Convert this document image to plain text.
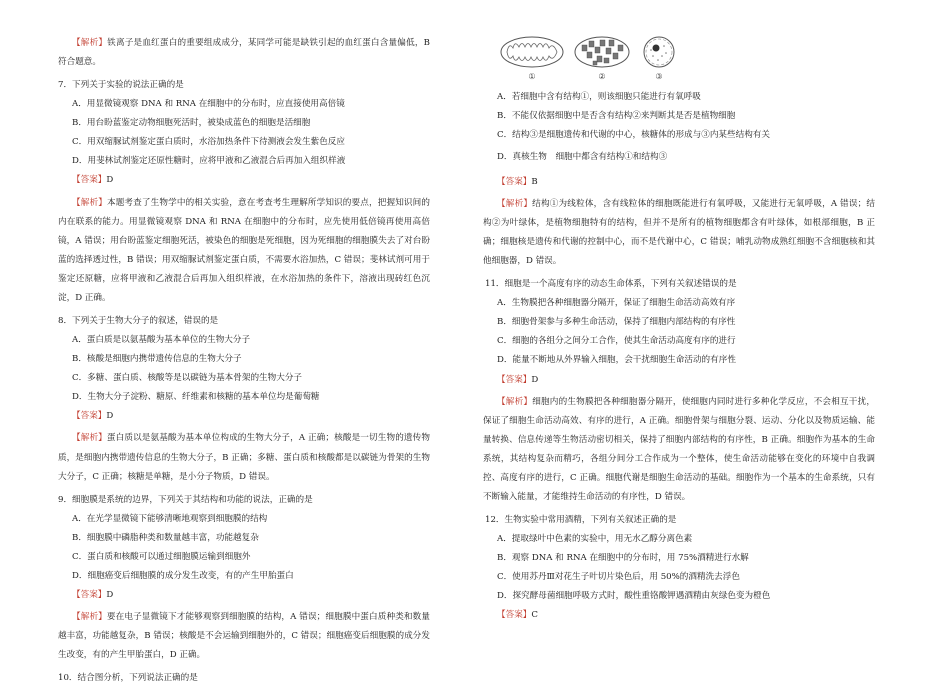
【解析】铁离子是血红蛋白的重要组成成分，某同学可能是缺铁引起的血红蛋白含量偏低，B符合题意。

7．下列关于实验的说法正确的是
A．用显微镜观察 DNA 和 RNA 在细胞中的分布时，应直接使用高倍镜
B．用台盼蓝鉴定动物细胞死活时，被染成蓝色的细胞是活细胞
C．用双缩脲试剂鉴定蛋白质时，水浴加热条件下待测液会发生紫色反应
D．用斐林试剂鉴定还原性糖时，应将甲液和乙液混合后再加入组织样液
【答案】D

【解析】本题考查了生物学中的相关实验，意在考查考生理解所学知识的要点，把握知识间的内在联系的能力。用显微镜观察 DNA 和 RNA 在细胞中的分布时，应先使用低倍镜再使用高倍镜，A 错误；用台盼蓝鉴定细胞死活，被染色的细胞是死细胞，因为死细胞的细胞膜失去了对台盼蓝的选择透过性，B 错误；用双缩脲试剂鉴定蛋白质，不需要水浴加热，C 错误；斐林试剂可用于鉴定还原糖，应将甲液和乙液混合后再加入组织样液，在水浴加热的条件下，溶液出现砖红色沉淀，D 正确。

8．下列关于生物大分子的叙述，错误的是
A．蛋白质是以氨基酸为基本单位的生物大分子
B．核酸是细胞内携带遗传信息的生物大分子
C．多糖、蛋白质、核酸等是以碳链为基本骨架的生物大分子
D．生物大分子淀粉、糖原、纤维素和核糖的基本单位均是葡萄糖
【答案】D

【解析】蛋白质以是氨基酸为基本单位构成的生物大分子，A 正确；核酸是一切生物的遗传物质，是细胞内携带遗传信息的生物大分子，B 正确；多糖、蛋白质和核酸都是以碳链为骨架的生物大分子，C 正确；核糖是单糖，是小分子物质，D 错误。

9．细胞膜是系统的边界，下列关于其结构和功能的说法，正确的是
A．在光学显微镜下能够清晰地观察到细胞膜的结构
B．细胞膜中磷脂种类和数量越丰富，功能越复杂
C．蛋白质和核酸可以通过细胞膜运输到细胞外
D．细胞癌变后细胞膜的成分发生改变，有的产生甲胎蛋白
【答案】D

【解析】要在电子显微镜下才能够观察到细胞膜的结构，A 错误；细胞膜中蛋白质种类和数量越丰富，功能越复杂，B 错误；核酸是不会运输到细胞外的，C 错误；细胞癌变后细胞膜的成分发生改变，有的产生甲胎蛋白，D 正确。

10．结合图分析，下列说法正确的是
①	②	③
A．若细胞中含有结构①，则该细胞只能进行有氧呼吸
B．不能仅依据细胞中是否含有结构②来判断其是否是植物细胞
C．结构③是细胞遗传和代谢的中心，核糖体的形成与③内某些结构有关
D．真核生物　细胞中都含有结构①和结构③
【答案】B

【解析】结构①为线粒体，含有线粒体的细胞既能进行有氧呼吸，又能进行无氧呼吸，A 错误；结构②为叶绿体，是植物细胞特有的结构，但并不是所有的植物细胞都含有叶绿体，如根部细胞，B 正确；细胞核是遗传和代谢的控制中心，而不是代谢中心，C 错误；哺乳动物成熟红细胞不含细胞核和其他细胞器，D 错误。

11．细胞是一个高度有序的动态生命体系，下列有关叙述错误的是
A．生物膜把各种细胞器分隔开，保证了细胞生命活动高效有序
B．细胞骨架参与多种生命活动，保持了细胞内部结构的有序性
C．细胞的各组分之间分工合作，使其生命活动高度有序的进行
D．能量不断地从外界输入细胞，会干扰细胞生命活动的有序性
【答案】D

【解析】细胞内的生物膜把各种细胞器分隔开，使细胞内同时进行多种化学反应，不会相互干扰，保证了细胞生命活动高效、有序的进行，A 正确。细胞骨架与细胞分裂、运动、分化以及物质运输、能量转换、信息传递等生物活动密切相关，保持了细胞内部结构的有序性，B 正确。细胞作为基本的生命系统，其结构复杂而精巧，各组分间分工合作成为一个整体，使生命活动能够在变化的环境中自我调控、高度有序的进行，C 正确。细胞代谢是细胞生命活动的基础。细胞作为一个基本的生命系统，只有不断输入能量，才能维持生命活动的有序性，D 错误。

12．生物实验中常用酒精，下列有关叙述正确的是
A．提取绿叶中色素的实验中，用无水乙醇分离色素
B．观察 DNA 和 RNA 在细胞中的分布时，用 75%酒精进行水解
C．使用苏丹Ⅲ对花生子叶切片染色后，用 50%的酒精洗去浮色
D．探究酵母菌细胞呼吸方式时，酸性重铬酸钾遇酒精由灰绿色变为橙色
【答案】C
